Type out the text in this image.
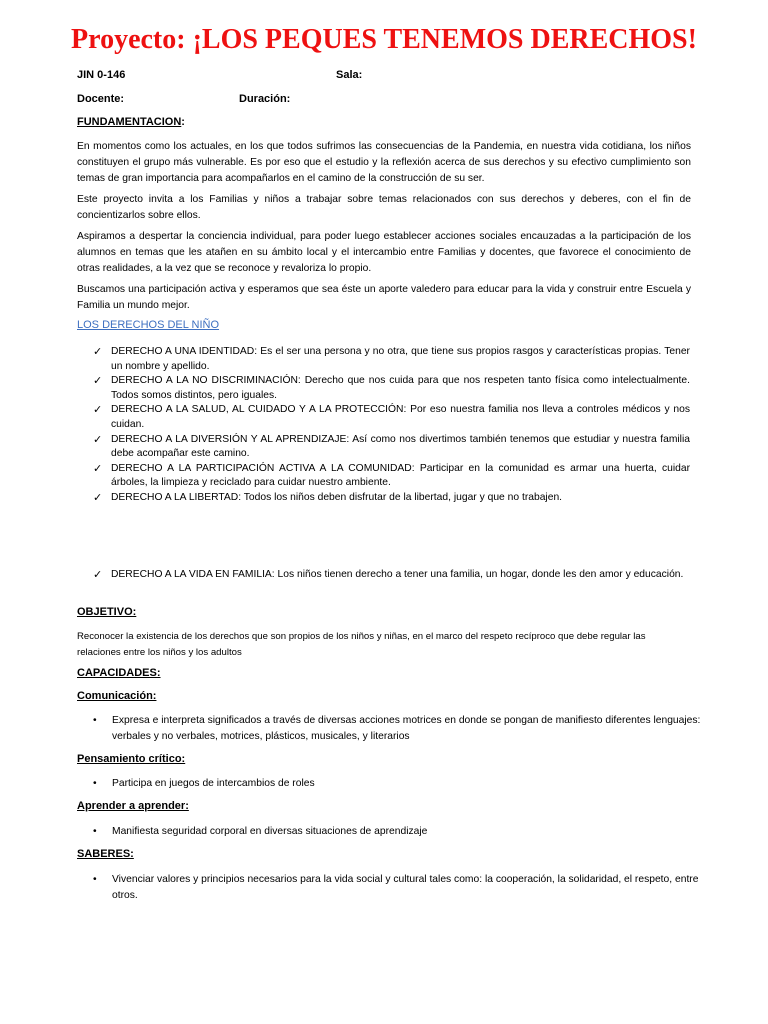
Proyecto: ¡LOS PEQUES TENEMOS DERECHOS!
JIN 0-146	Sala:
Docente:	Duración:
FUNDAMENTACION:
En momentos como los actuales, en los que todos sufrimos las consecuencias de la Pandemia, en nuestra vida cotidiana, los niños constituyen el grupo más vulnerable. Es por eso que el estudio y la reflexión acerca de sus derechos y su efectivo cumplimiento son temas de gran importancia para acompañarlos en el camino de la construcción de su ser.
Este proyecto invita a los Familias y niños a trabajar sobre temas relacionados con sus derechos y deberes, con el fin de concientizarlos sobre ellos.
Aspiramos a despertar la conciencia individual, para poder luego establecer acciones sociales encauzadas a la participación de los alumnos en temas que les atañen en su ámbito local y el intercambio entre Familias y docentes, que favorece el conocimiento de otras realidades, a la vez que se reconoce y revaloriza lo propio.
Buscamos una participación activa y esperamos que sea éste un aporte valedero para educar para la vida y construir entre Escuela y Familia un mundo mejor.
LOS DERECHOS DEL NIÑO
✓ DERECHO A UNA IDENTIDAD: Es el ser una persona y no otra, que tiene sus propios rasgos y características propias. Tener un nombre y apellido.
✓ DERECHO A LA NO DISCRIMINACIÓN: Derecho que nos cuida para que nos respeten tanto física como intelectualmente. Todos somos distintos, pero iguales.
✓ DERECHO A LA SALUD, AL CUIDADO Y A LA PROTECCIÓN: Por eso nuestra familia nos lleva a controles médicos y nos cuidan.
✓ DERECHO A LA DIVERSIÓN Y AL APRENDIZAJE: Así como nos divertimos también tenemos que estudiar y nuestra familia debe acompañar este camino.
✓ DERECHO A LA PARTICIPACIÓN ACTIVA A LA COMUNIDAD: Participar en la comunidad es armar una huerta, cuidar árboles, la limpieza y reciclado para cuidar nuestro ambiente.
✓ DERECHO A LA LIBERTAD: Todos los niños deben disfrutar de la libertad, jugar y que no trabajen.
✓ DERECHO A LA VIDA EN FAMILIA: Los niños tienen derecho a tener una familia, un hogar, donde les den amor y educación.
OBJETIVO:
Reconocer la existencia de los derechos que son propios de los niños y niñas, en el marco del respeto recíproco que debe regular las relaciones entre los niños y los adultos
CAPACIDADES:
Comunicación:
• Expresa e interpreta significados a través de diversas acciones motrices en donde se pongan de manifiesto diferentes lenguajes: verbales y no verbales, motrices, plásticos, musicales, y literarios
Pensamiento crítico:
• Participa en juegos de intercambios de roles
Aprender a aprender:
• Manifiesta seguridad corporal en diversas situaciones de aprendizaje
SABERES:
• Vivenciar valores y principios necesarios para la vida social y cultural tales como: la cooperación, la solidaridad, el respeto, entre otros.
